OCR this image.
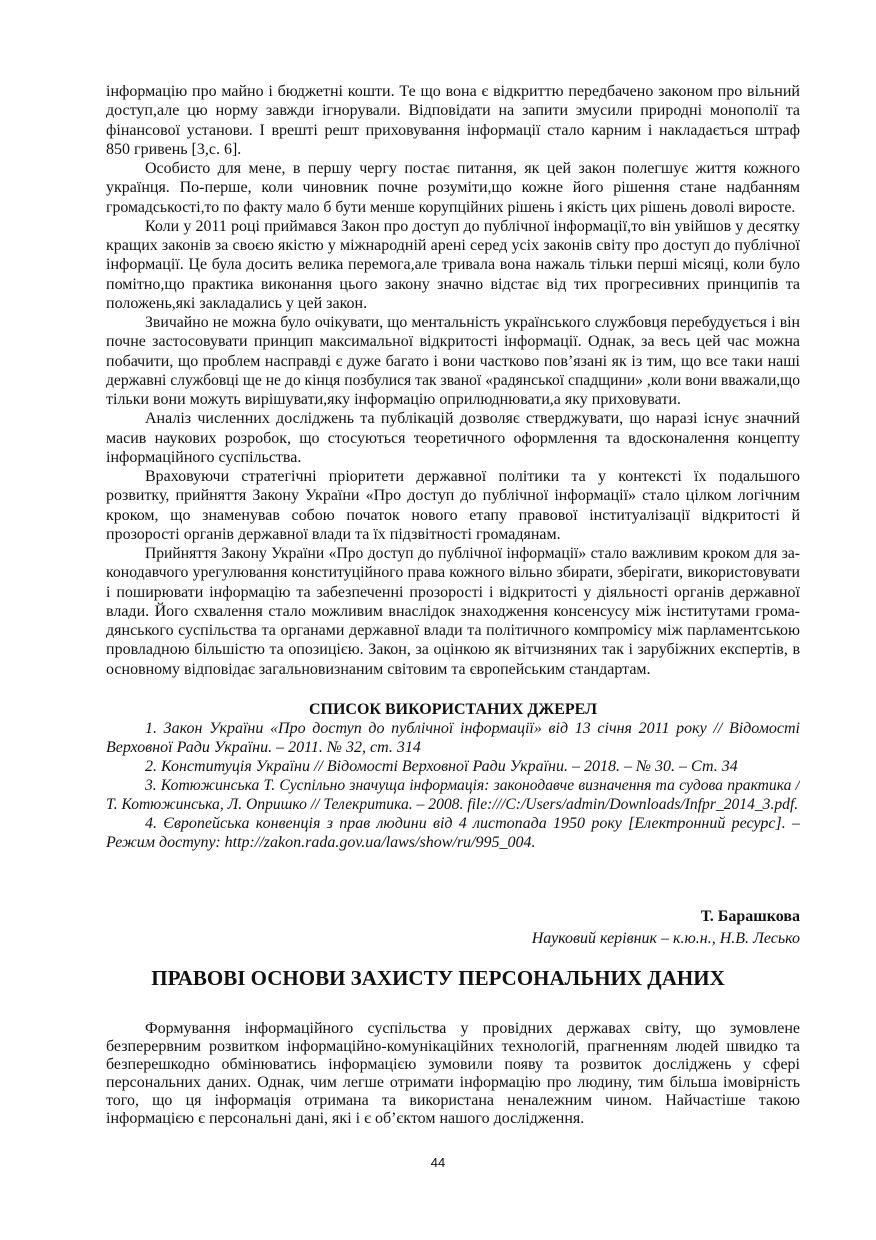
інформацію про майно і бюджетні кошти. Те що вона є відкриттю передбачено законом про вільний
доступ,але цю норму завжди ігнорували. Відповідати на запити змусили природні монополії та
фінансової установи. І врешті решт приховування інформації стало карним і накладається штраф
850 гривень [3,с. 6].
Особисто для мене, в першу чергу постає питання, як цей закон полегшує життя кожного
українця. По-перше, коли чиновник почне розуміти,що кожне його рішення стане надбанням
громадськості,то по факту мало б бути менше корупційних рішень і якість цих рішень доволі виросте.
Коли у 2011 році приймався Закон про доступ до публічної інформації,то він увійшов у десятку
кращих законів за своєю якістю у міжнародній арені серед усіх законів світу про доступ до публічної
інформації. Це була досить велика перемога,але тривала вона нажаль тільки перші місяці, коли було
помітно,що практика виконання цього закону значно відстає від тих прогресивних принципів та
положень,які закладались у цей закон.
Звичайно не можна було очікувати, що ментальність українського службовця перебудується і він
почне застосовувати принцип максимальної відкритості інформації. Однак, за весь цей час можна
побачити, що проблем насправді є дуже багато і вони частково пов’язані як із тим, що все таки наші
державні службовці ще не до кінця позбулися так званої «радянської спадщини» ,коли вони вважали,що
тільки вони можуть вирішувати,яку інформацію оприлюднювати,а яку приховувати.
Аналіз численних досліджень та публікацій дозволяє стверджувати, що наразі існує значний
масив наукових розробок, що стосуються теоретичного оформлення та вдосконалення концепту
інформаційного суспільства.
Враховуючи стратегічні пріоритети державної політики та у контексті їх подальшого
розвитку, прийняття Закону України «Про доступ до публічної інформації» стало цілком логічним
кроком, що знаменував собою початок нового етапу правової інституалізації відкритості й
прозорості органів державної влади та їх підзвітності громадянам.
Прийняття Закону України «Про доступ до публічної інформації» стало важливим кроком для за-
конодавчого урегулювання конституційного права кожного вільно збирати, зберігати, використовувати
і поширювати інформацію та забезпеченні прозорості і відкритості у діяльності органів державної
влади. Його схвалення стало можливим внаслідок знаходження консенсусу між інститутами грома-
дянського суспільства та органами державної влади та політичного компромісу між парламентською
провладною більшістю та опозицією. Закон, за оцінкою як вітчизняних так і зарубіжних експертів, в
основному відповідає загальновизнаним світовим та європейським стандартам.
СПИСОК ВИКОРИСТАНИХ ДЖЕРЕЛ
1. Закон України «Про доступ до публічної інформації» від 13 січня 2011 року // Відомості
Верховної Ради України. – 2011. № 32, ст. 314
2. Конституція України // Відомості Верховної Ради України. – 2018. – № 30. – Ст. 34
3. Котюжинська Т. Суспільно значуща інформація: законодавче визначення та судова практика /
Т. Котюжинська, Л. Опришко // Телекритика. – 2008. file:///C:/Users/admin/Downloads/Infpr_2014_3.pdf.
4. Європейська конвенція з прав людини від 4 листопада 1950 року [Електронний ресурс]. –
Режим доступу: http://zakon.rada.gov.ua/laws/show/ru/995_004.
Т. Барашкова
Науковий керівник – к.ю.н., Н.В. Лесько
ПРАВОВІ ОСНОВИ ЗАХИСТУ ПЕРСОНАЛЬНИХ ДАНИХ
Формування інформаційного суспільства у провідних державах світу, що зумовлене
безперервним розвитком інформаційно-комунікаційних технологій, прагненням людей швидко та
безперешкодно обмінюватись інформацією зумовили появу та розвиток досліджень у сфері
персональних даних. Однак, чим легше отримати інформацію про людину, тим більша імовірність
того, що ця інформація отримана та використана неналежним чином. Найчастіше такою
інформацією є персональні дані, які і є об’єктом нашого дослідження.
44
